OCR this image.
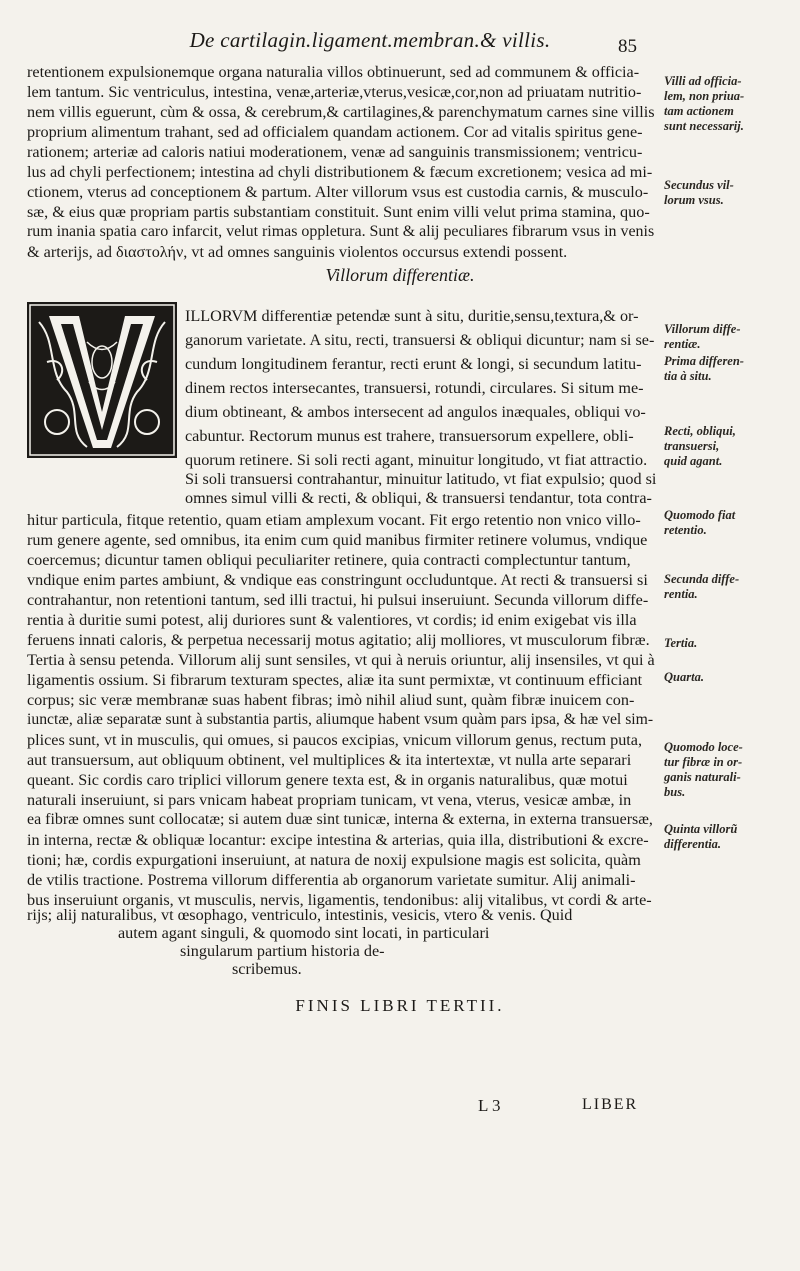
De cartilagin.ligament.membran.& villis.	85
retentionem expulsionemque organa naturalia villos obtinuerunt, sed ad communem & officia-
lem tantum. Sic ventriculus, intestina, venæ,arteriæ,vterus,vesicæ,cor,non ad priuatam nutritio-
nem villis eguerunt, cùm & ossa, & cerebrum,& cartilagines,& parenchymatum carnes sine villis
proprium alimentum trahant, sed ad officialem quandam actionem. Cor ad vitalis spiritus gene-
rationem; arteriæ ad caloris natiui moderationem, venæ ad sanguinis transmissionem; ventricu-
lus ad chyli perfectionem; intestina ad chyli distributionem & fæcum excretionem; vesica ad mi-
ctionem, vterus ad conceptionem & partum. Alter villorum vsus est custodia carnis, & musculo-
sæ, & eius quæ propriam partis substantiam constituit. Sunt enim villi velut prima stamina, quo-
rum inania spatia caro infarcit, velut rimas oppletura. Sunt & alij peculiares fibrarum vsus in venis
& arterijs, ad διαστολήν, vt ad omnes sanguinis violentos occursus extendi possent.
Villorum differentiæ.
ILLORVM differentiæ petendæ sunt à situ, duritie,sensu,textura,& or-
ganorum varietate. A situ, recti, transuersi & obliqui dicuntur; nam si se-
cundum longitudinem ferantur, recti erunt & longi, si secundum latitu-
dinem rectos intersecantes, transuersi, rotundi, circulares. Si situm me-
dium obtineant, & ambos intersecent ad angulos inæquales, obliqui vo-
cabuntur. Rectorum munus est trahere, transuersorum expellere, obli-
quorum retinere. Si soli recti agant, minuitur longitudo, vt fiat attractio.
Si soli transuersi contrahantur, minuitur latitudo, vt fiat expulsio; quod si
omnes simul villi & recti, & obliqui, & transuersi tendantur, tota contra-
hitur particula, fitque retentio, quam etiam amplexum vocant. Fit ergo retentio non vnico villo-
rum genere agente, sed omnibus, ita enim cum quid manibus firmiter retinere volumus, vndique
coercemus; dicuntur tamen obliqui peculiariter retinere, quia contracti complectuntur tantum,
vndique enim partes ambiunt, & vndique eas constringunt occluduntque. At recti & transuersi si
contrahantur, non retentioni tantum, sed illi tractui, hi pulsui inseruiunt. Secunda villorum diffe-
rentia à duritie sumi potest, alij duriores sunt & valentiores, vt cordis; id enim exigebat vis illa
feruens innati caloris, & perpetua necessarij motus agitatio; alij molliores, vt musculorum fibræ.
Tertia à sensu petenda. Villorum alij sunt sensiles, vt qui à neruis oriuntur, alij insensiles, vt qui à
ligamentis ossium. Si fibrarum texturam spectes, aliæ ita sunt permixtæ, vt continuum efficiant
corpus; sic veræ membranæ suas habent fibras; imò nihil aliud sunt, quàm fibræ inuicem con-
iunctæ, aliæ separatæ sunt à substantia partis, aliumque habent vsum quàm pars ipsa, & hæ vel sim-
plices sunt, vt in musculis, qui omues, si paucos excipias, vnicum villorum genus, rectum puta,
aut transuersum, aut obliquum obtinent, vel multiplices & ita intertextæ, vt nulla arte separari
queant. Sic cordis caro triplici villorum genere texta est, & in organis naturalibus, quæ motui
naturali inseruiunt, si pars vnicam habeat propriam tunicam, vt vena, vterus, vesicæ ambæ, in
ea fibræ omnes sunt collocatæ; si autem duæ sint tunicæ, interna & externa, in externa transuersæ,
in interna, rectæ & obliquæ locantur: excipe intestina & arterias, quia illa, distributioni & excre-
tioni; hæ, cordis expurgationi inseruiunt, at natura de noxij expulsione magis est solicita, quàm
de vtilis tractione. Postrema villorum differentia ab organorum varietate sumitur. Alij animali-
bus inseruiunt organis, vt musculis, nervis, ligamentis, tendonibus: alij vitalibus, vt cordi & arte-
rijs; alij naturalibus, vt œsophago, ventriculo, intestinis, vesicis, vtero & venis. Quid
autem agant singuli, & quomodo sint locati, in particulari
singularum partium historia de-
scribemus.
FINIS LIBRI TERTII.
L 3	LIBER
Villi ad officia-
lem, non priua-
tam actionem
sunt necessarij.
Secundus vil-
lorum vsus.
Villorum diffe-
rentiæ.
Prima differen-
tia à situ.
Recti, obliqui,
transuersi,
quid agant.
Quomodo fiat
retentio.
Secunda diffe-
rentia.
Tertia.
Quarta.
Quomodo loce-
tur fibræ in or-
ganis naturali-
bus.
Quinta villorũ
differentia.
